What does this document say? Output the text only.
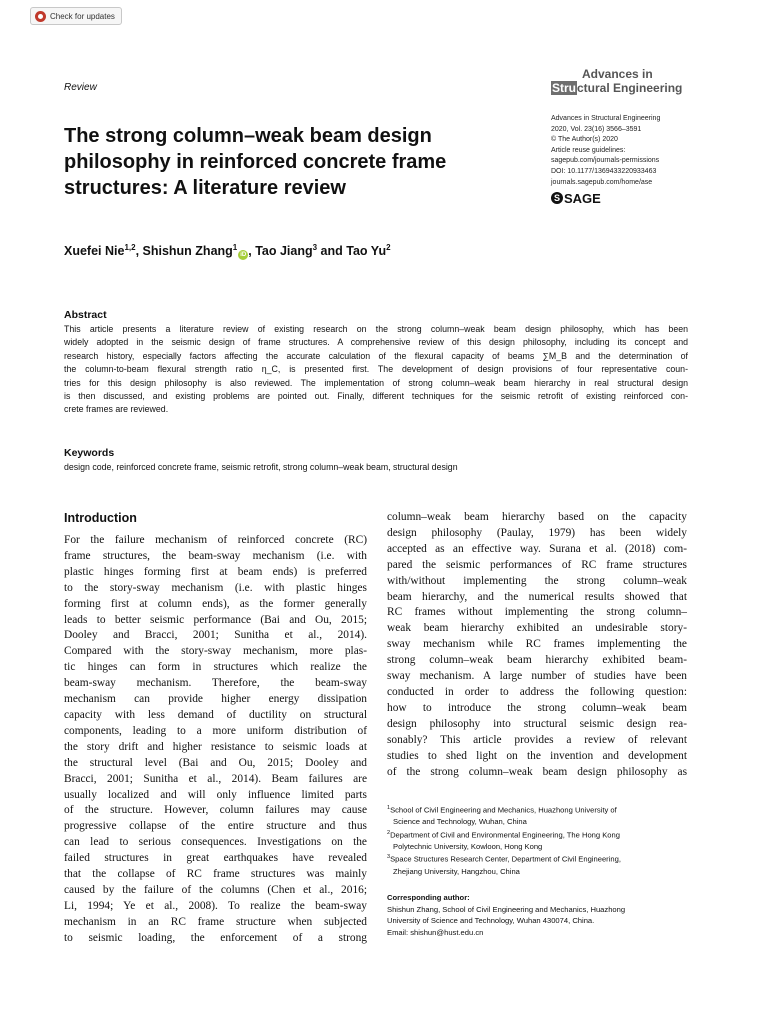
Check for updates
Review
Advances in
Structural Engineering
Advances in Structural Engineering
2020, Vol. 23(16) 3566–3591
© The Author(s) 2020
Article reuse guidelines:
sagepub.com/journals-permissions
DOI: 10.1177/1369433220933463
journals.sagepub.com/home/ase
S SAGE
The strong column–weak beam design philosophy in reinforced concrete frame structures: A literature review
Xuefei Nie$^{1,2}$, Shishun Zhang$^1$iD , Tao Jiang$^3$ and Tao Yu$^2$
Abstract

This article presents a literature review of existing research on the strong column–weak beam design philosophy, which has been
widely adopted in the seismic design of frame structures. A comprehensive review of this design philosophy, including its concept and
research history, especially factors affecting the accurate calculation of the flexural capacity of beams ∑M_B and the determination of
the column-to-beam flexural strength ratio η_C, is presented first. The development of design provisions of four representative coun-
tries for this design philosophy is also reviewed. The implementation of strong column–weak beam hierarchy in real structural design
is then discussed, and existing problems are pointed out. Finally, different techniques for the seismic retrofit of existing reinforced con-
crete frames are reviewed.

Keywords
design code, reinforced concrete frame, seismic retrofit, strong column–weak beam, structural design
Introduction
For the failure mechanism of reinforced concrete (RC)
frame structures, the beam-sway mechanism (i.e. with
plastic hinges forming first at beam ends) is preferred
to the story-sway mechanism (i.e. with plastic hinges
forming first at column ends), as the former generally
leads to better seismic performance (Bai and Ou, 2015;
Dooley and Bracci, 2001; Sunitha et al., 2014).
Compared with the story-sway mechanism, more plas-
tic hinges can form in structures which realize the
beam-sway mechanism. Therefore, the beam-sway
mechanism can provide higher energy dissipation
capacity with less demand of ductility on structural
components, leading to a more uniform distribution of
the story drift and higher resistance to seismic loads at
the structural level (Bai and Ou, 2015; Dooley and
Bracci, 2001; Sunitha et al., 2014). Beam failures are
usually localized and will only influence limited parts
of the structure. However, column failures may cause
progressive collapse of the entire structure and thus
can lead to serious consequences. Investigations on the
failed structures in great earthquakes have revealed
that the collapse of RC frame structures was mainly
caused by the failure of the columns (Chen et al., 2016;
Li, 1994; Ye et al., 2008). To realize the beam-sway
mechanism in an RC frame structure when subjected
to seismic loading, the enforcement of a strong
column–weak beam hierarchy based on the capacity
design philosophy (Paulay, 1979) has been widely
accepted as an effective way. Surana et al. (2018) com-
pared the seismic performances of RC frame structures
with/without implementing the strong column–weak
beam hierarchy, and the numerical results showed that
RC frames without implementing the strong column–
weak beam hierarchy exhibited an undesirable story-
sway mechanism while RC frames implementing the
strong column–weak beam hierarchy exhibited beam-
sway mechanism. A large number of studies have been
conducted in order to address the following question:
how to introduce the strong column–weak beam
design philosophy into structural seismic design rea-
sonably? This article provides a review of relevant
studies to shed light on the invention and development
of the strong column–weak beam design philosophy as
$^1$School of Civil Engineering and Mechanics, Huazhong University of
Science and Technology, Wuhan, China
$^2$Department of Civil and Environmental Engineering, The Hong Kong
Polytechnic University, Kowloon, Hong Kong
$^3$Space Structures Research Center, Department of Civil Engineering,
Zhejiang University, Hangzhou, China
Corresponding author:
Shishun Zhang, School of Civil Engineering and Mechanics, Huazhong
University of Science and Technology, Wuhan 430074, China.
Email: shishun@hust.edu.cn
